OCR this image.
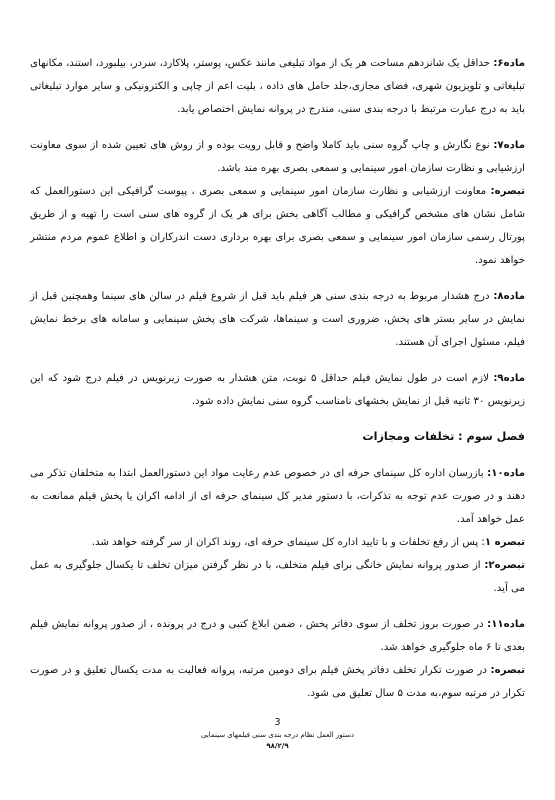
ماده۶: حداقل یک شانزدهم مساحت هر یک از مواد تبلیغی مانند عکس، پوستر، پلاکارد، سردر، بیلبورد، استند، مکانهای تبلیغاتی و تلویزیون شهری، فضای مجازی،جلد حامل های داده ، بلیت اعم از چاپی و الکترونیکی و سایر موارد تبلیغاتی باید به درج عبارت مرتبط با درجه بندی سنی، مندرج در پروانه نمایش اختصاص یابد.

ماده۷: نوع نگارش و چاپ گروه سنی باید کاملا واضح و قابل رویت بوده و از روش های تعیین شده از سوی معاونت ارزشیابی و نظارت سازمان امور سینمایی و سمعی بصری بهره مند باشد.

تبصره: معاونت ارزشیابی و نظارت سازمان امور سینمایی و سمعی بصری ، پیوست گرافیکی این دستورالعمل که شامل نشان های مشخص گرافیکی و مطالب آگاهی بخش برای هر یک از گروه های سنی است را تهیه و از طریق پورتال رسمی سازمان امور سینمایی و سمعی بصری برای بهره برداری دست اندرکاران و اطلاع عموم مردم منتشر خواهد نمود.

ماده۸: درج هشدار مربوط به درجه بندی سنی هر فیلم باید قبل از شروع فیلم در سالن های سینما وهمچنین قبل از نمایش در سایر بستر های پخش، ضروری است و سینماها، شرکت های پخش سینمایی و سامانه های برخط نمایش فیلم، مسئول اجرای آن هستند.

ماده۹: لازم است در طول نمایش فیلم حداقل ۵ نوبت، متن هشدار به صورت زیرنویس در فیلم درج شود که این زیرنویس ۳۰ ثانیه قبل از نمایش بخشهای نامناسب گروه سنی نمایش داده شود.

فصل سوم : تخلفات ومجازات

ماده۱۰: بازرسان اداره کل سینمای حرفه ای در خصوص عدم رعایت مواد این دستورالعمل ابتدا به متخلفان تذکر می دهند و در صورت عدم توجه به تذکرات، با دستور مدیر کل سینمای حرفه ای از ادامه اکران یا پخش فیلم ممانعت به عمل خواهد آمد.

تبصره ۱: پس از رفع تخلفات و با تایید اداره کل سینمای حرفه ای، روند اکران از سر گرفته خواهد شد.

تبصره۲: از صدور پروانه نمایش خانگی برای فیلم متخلف، با در نظر گرفتن میزان تخلف تا یکسال جلوگیری به عمل می آید.

ماده۱۱: در صورت بروز تخلف از سوی دفاتر پخش ، ضمن ابلاغ کتبی و درج در پرونده ، از صدور پروانه نمایش فیلم بعدی تا ۶ ماه جلوگیری خواهد شد.

تبصره: در صورت تکرار تخلف دفاتر پخش فیلم برای دومین مرتبه، پروانه فعالیت به مدت یکسال تعلیق و در صورت تکرار در مرتبه سوم،به مدت ۵ سال تعلیق می شود.

3
دستور العمل نظام درجه بندی سنی فیلمهای سینمایی
۹۸/۲/۹
